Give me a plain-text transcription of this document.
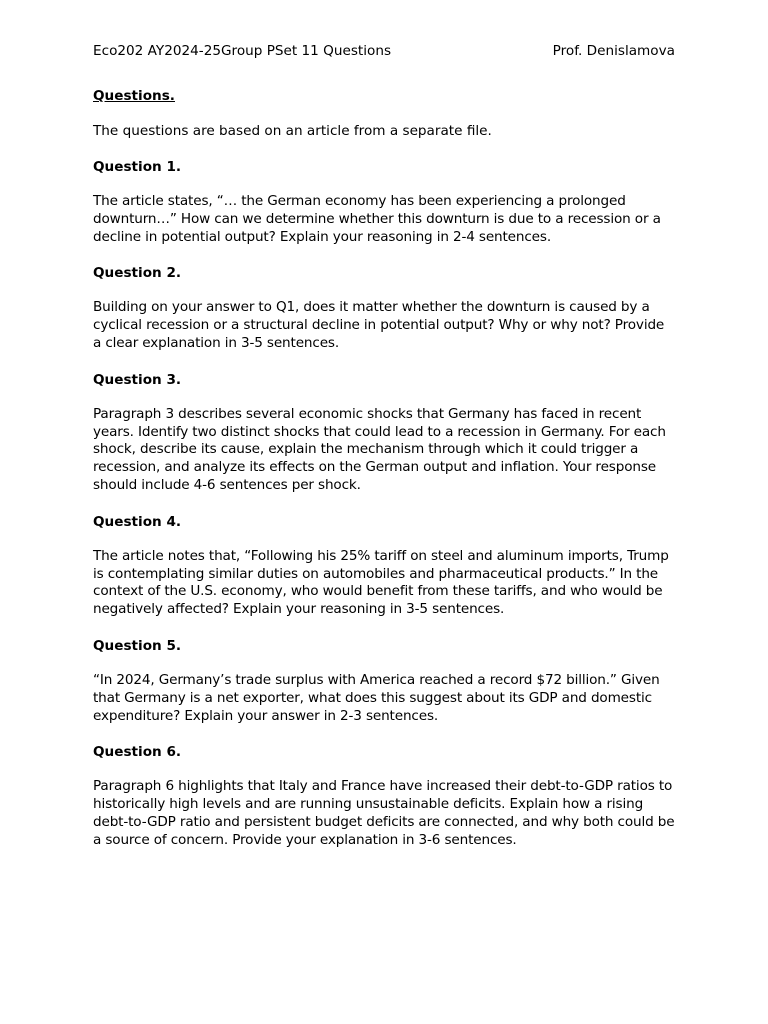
Eco202 AY2024-25Group PSet 11 Questions	Prof. Denislamova
Questions.
The questions are based on an article from a separate file.
Question 1.
The article states, “… the German economy has been experiencing a prolonged downturn…” How can we determine whether this downturn is due to a recession or a decline in potential output? Explain your reasoning in 2-4 sentences.
Question 2.
Building on your answer to Q1, does it matter whether the downturn is caused by a cyclical recession or a structural decline in potential output? Why or why not? Provide a clear explanation in 3-5 sentences.
Question 3.
Paragraph 3 describes several economic shocks that Germany has faced in recent years. Identify two distinct shocks that could lead to a recession in Germany. For each shock, describe its cause, explain the mechanism through which it could trigger a recession, and analyze its effects on the German output and inflation. Your response should include 4-6 sentences per shock.
Question 4.
The article notes that, “Following his 25% tariff on steel and aluminum imports, Trump is contemplating similar duties on automobiles and pharmaceutical products.” In the context of the U.S. economy, who would benefit from these tariffs, and who would be negatively affected? Explain your reasoning in 3-5 sentences.
Question 5.
“In 2024, Germany’s trade surplus with America reached a record $72 billion.” Given that Germany is a net exporter, what does this suggest about its GDP and domestic expenditure? Explain your answer in 2-3 sentences.
Question 6.
Paragraph 6 highlights that Italy and France have increased their debt-to-GDP ratios to historically high levels and are running unsustainable deficits. Explain how a rising debt-to-GDP ratio and persistent budget deficits are connected, and why both could be a source of concern. Provide your explanation in 3-6 sentences.
